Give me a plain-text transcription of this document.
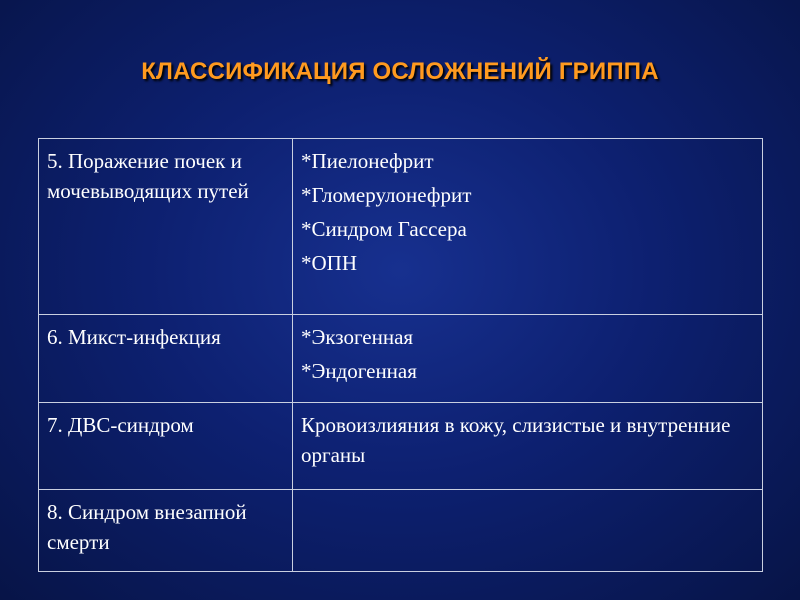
КЛАССИФИКАЦИЯ ОСЛОЖНЕНИЙ ГРИППА
5. Поражение почек и мочевыводящих путей	*Пиелонефрит
*Гломерулонефрит
*Синдром Гассера
*ОПН

6. Микст-инфекция	*Экзогенная
*Эндогенная

7. ДВС-синдром	Кровоизлияния в кожу, слизистые и внутренние органы

8. Синдром внезапной смерти	
